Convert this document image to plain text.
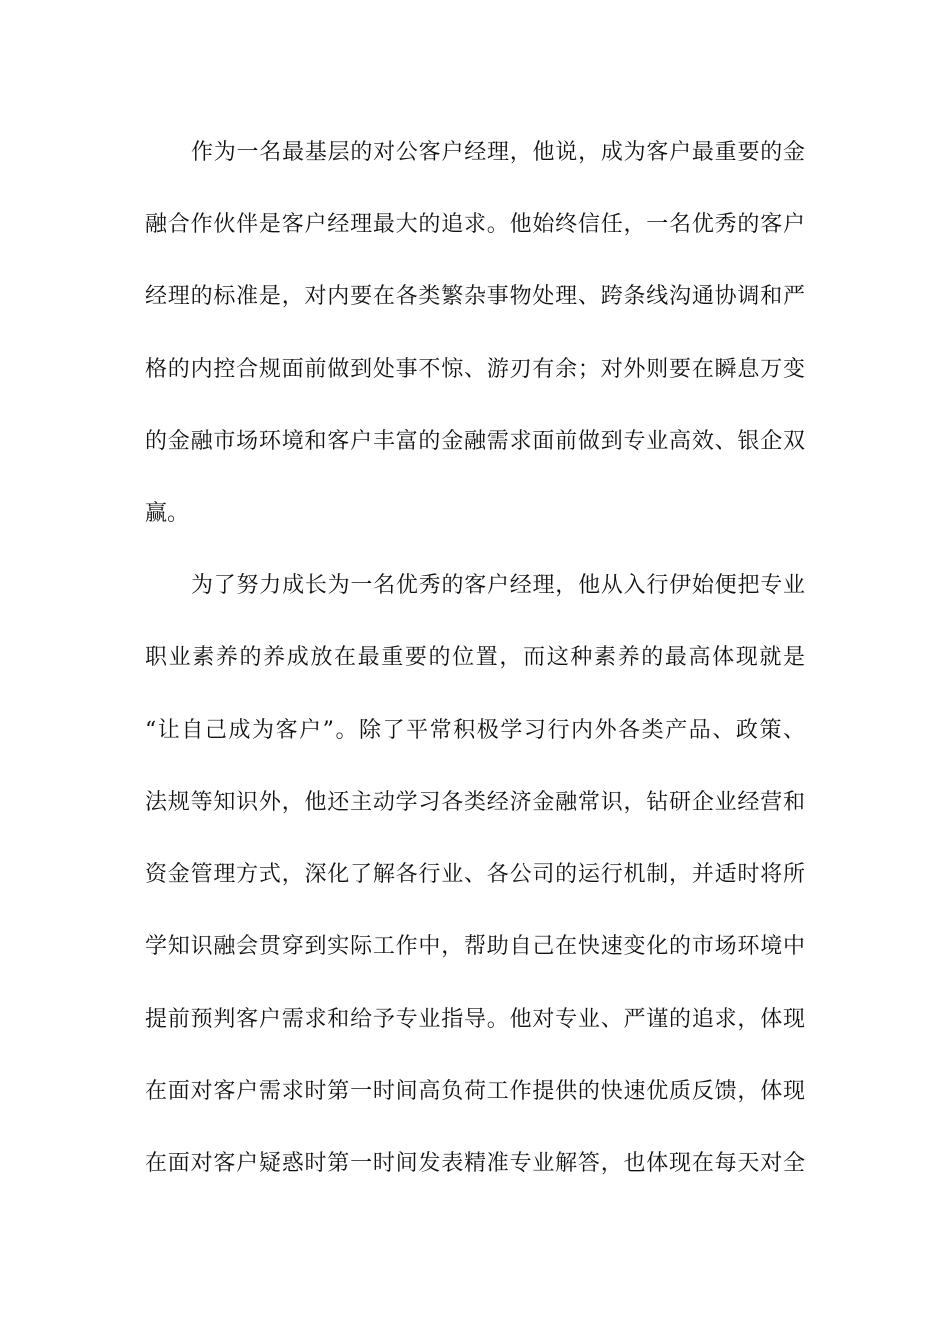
作为一名最基层的对公客户经理，他说，成为客户最重要的金
融合作伙伴是客户经理最大的追求。他始终信任，一名优秀的客户
经理的标准是，对内要在各类繁杂事物处理、跨条线沟通协调和严
格的内控合规面前做到处事不惊、游刃有余；对外则要在瞬息万变
的金融市场环境和客户丰富的金融需求面前做到专业高效、银企双
赢。
为了努力成长为一名优秀的客户经理，他从入行伊始便把专业
职业素养的养成放在最重要的位置，而这种素养的最高体现就是
“让自己成为客户”。除了平常积极学习行内外各类产品、政策、
法规等知识外，他还主动学习各类经济金融常识，钻研企业经营和
资金管理方式，深化了解各行业、各公司的运行机制，并适时将所
学知识融会贯穿到实际工作中，帮助自己在快速变化的市场环境中
提前预判客户需求和给予专业指导。他对专业、严谨的追求，体现
在面对客户需求时第一时间高负荷工作提供的快速优质反馈，体现
在面对客户疑惑时第一时间发表精准专业解答，也体现在每天对全
